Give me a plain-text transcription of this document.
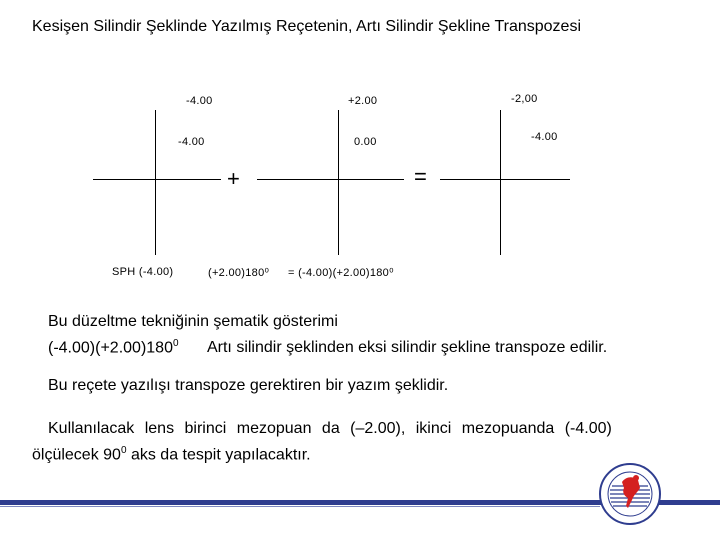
Kesişen Silindir Şeklinde Yazılmış Reçetenin, Artı Silindir Şekline Transpozesi
-4.00
-4.00
SPH (-4.00)
+
+2.00
0.00
(+2.00)180⁰
=
-2,00
-4.00
= (-4.00)(+2.00)180⁰
Bu düzeltme tekniğinin şematik gösterimi
$(-4.00)(+2.00)180^0$ Artı silindir şeklinden eksi silindir şekline transpoze edilir.
Bu reçete yazılışı transpoze gerektiren bir yazım şeklidir.
Kullanılacak lens birinci mezopuan da (–2.00), ikinci mezopuanda (-4.00)
ölçülecek $90^0$ aks da tespit yapılacaktır.
